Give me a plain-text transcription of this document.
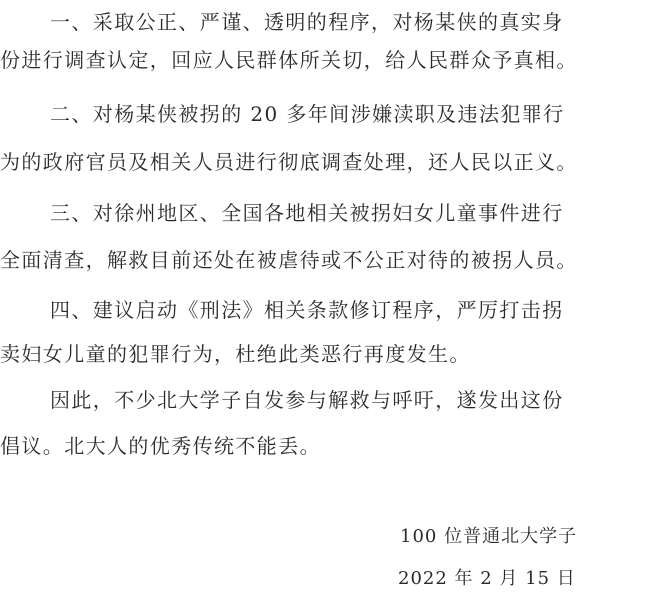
一、采取公正、严谨、透明的程序，对杨某侠的真实身
份进行调查认定，回应人民群体所关切，给人民群众予真相。
二、对杨某侠被拐的 20 多年间涉嫌渎职及违法犯罪行
为的政府官员及相关人员进行彻底调查处理，还人民以正义。
三、对徐州地区、全国各地相关被拐妇女儿童事件进行
全面清查，解救目前还处在被虐待或不公正对待的被拐人员。
四、建议启动《刑法》相关条款修订程序，严厉打击拐
卖妇女儿童的犯罪行为，杜绝此类恶行再度发生。
因此，不少北大学子自发参与解救与呼吁，遂发出这份
倡议。北大人的优秀传统不能丢。
100 位普通北大学子
2022 年 2 月 15 日
